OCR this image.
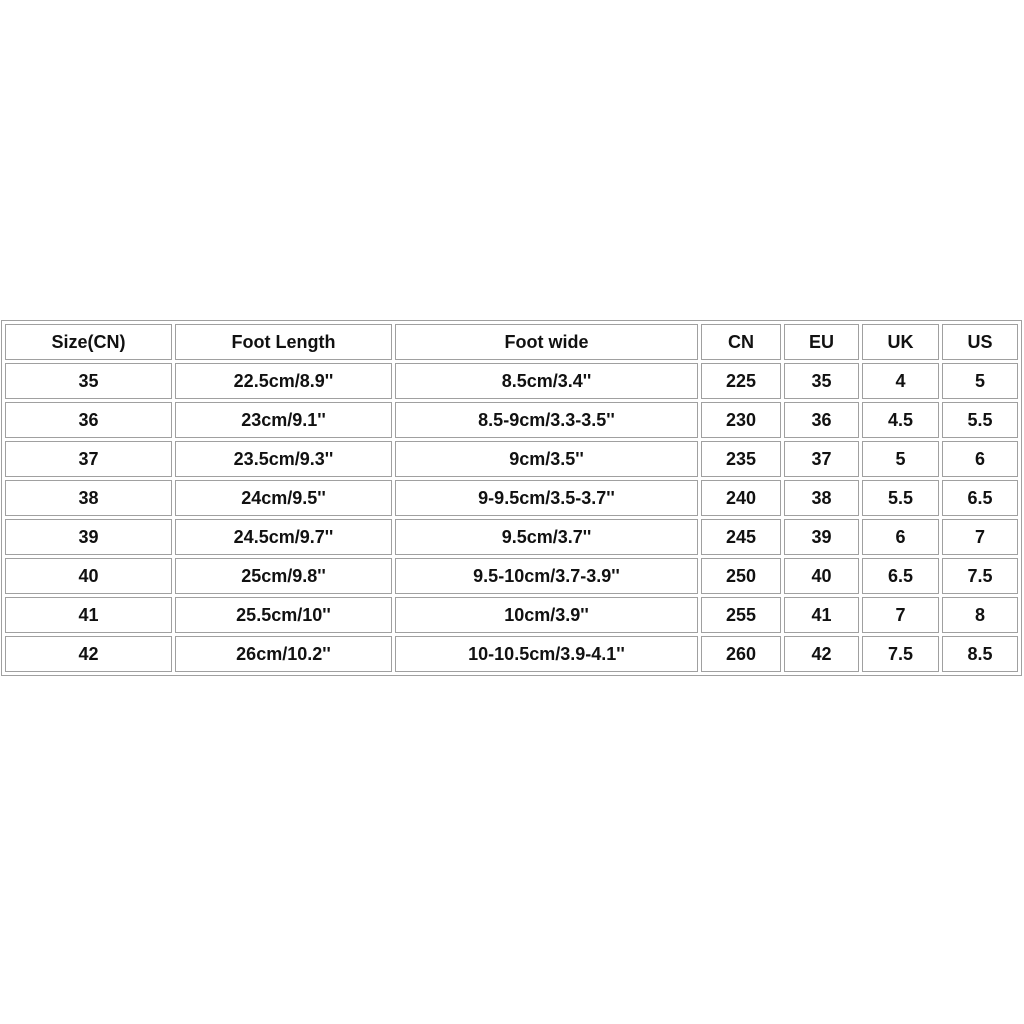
Size(CN)	Foot Length	Foot wide	CN	EU	UK	US
35	22.5cm/8.9''	8.5cm/3.4''	225	35	4	5
36	23cm/9.1''	8.5-9cm/3.3-3.5''	230	36	4.5	5.5
37	23.5cm/9.3''	9cm/3.5''	235	37	5	6
38	24cm/9.5''	9-9.5cm/3.5-3.7''	240	38	5.5	6.5
39	24.5cm/9.7''	9.5cm/3.7''	245	39	6	7
40	25cm/9.8''	9.5-10cm/3.7-3.9''	250	40	6.5	7.5
41	25.5cm/10''	10cm/3.9''	255	41	7	8
42	26cm/10.2''	10-10.5cm/3.9-4.1''	260	42	7.5	8.5
